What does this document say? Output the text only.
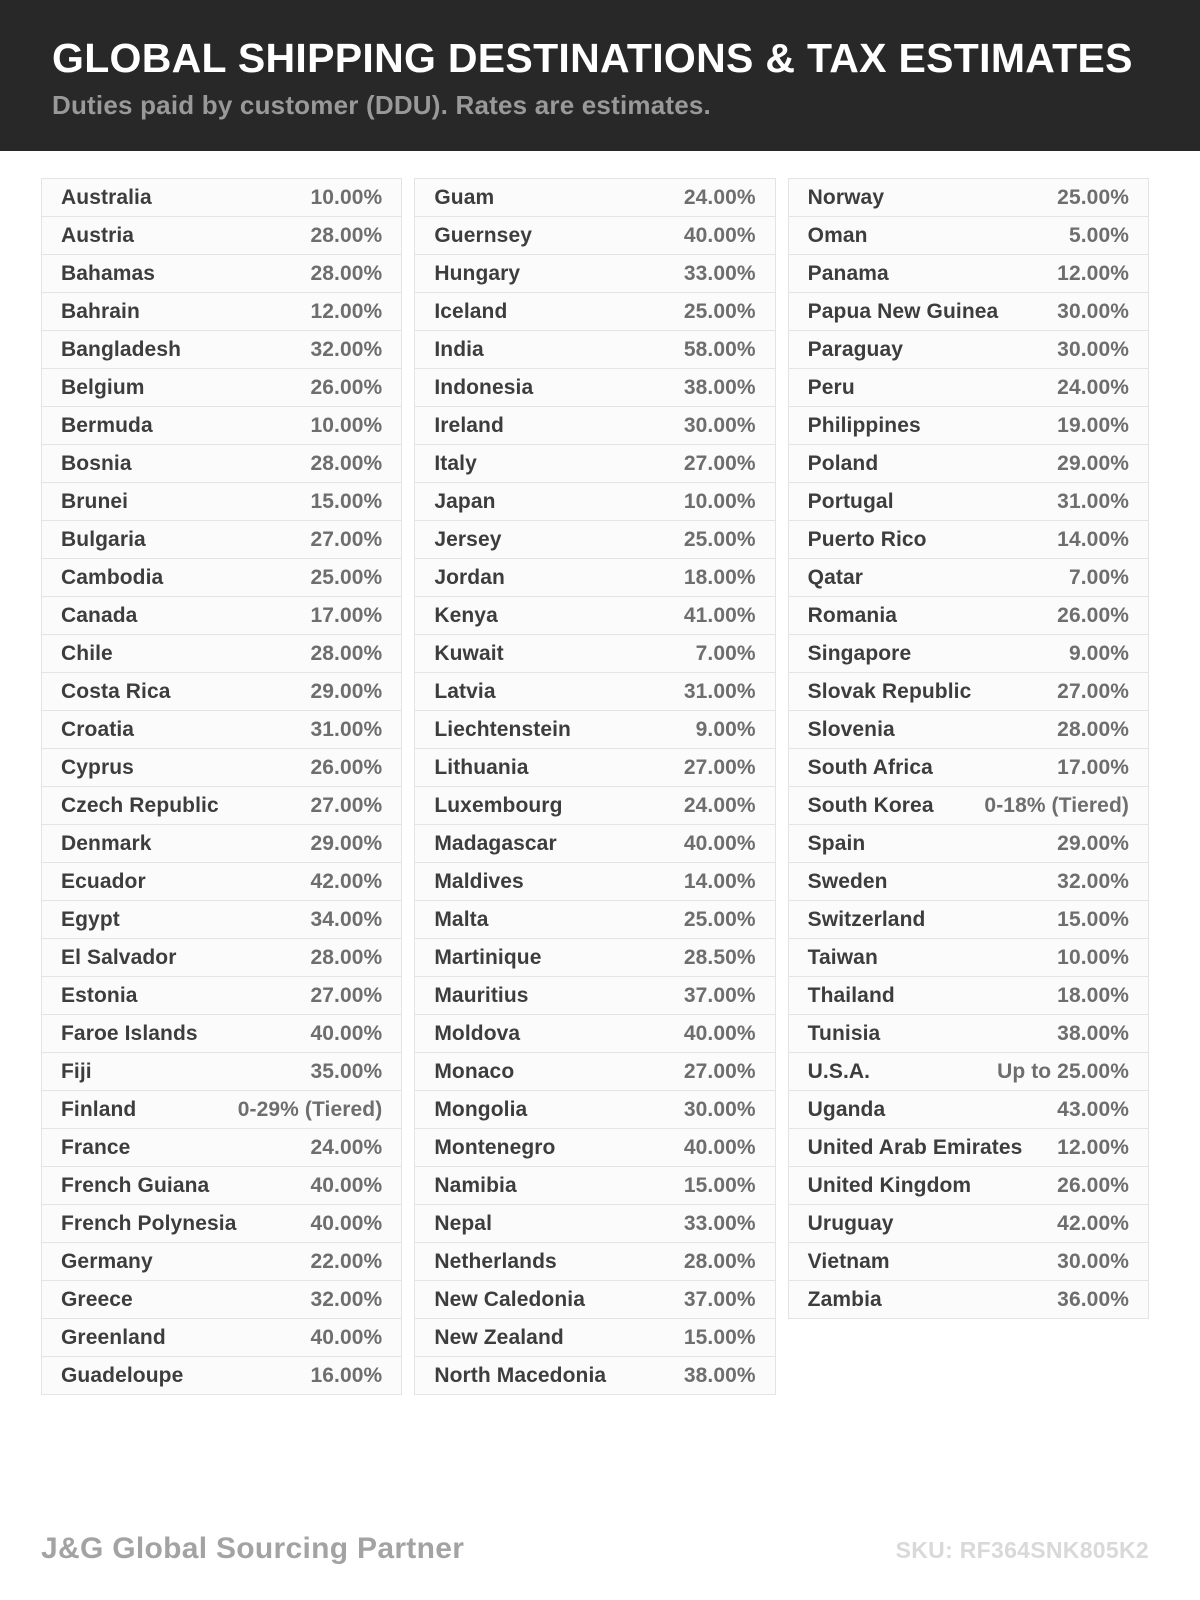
GLOBAL SHIPPING DESTINATIONS & TAX ESTIMATES
Duties paid by customer (DDU). Rates are estimates.
Australia	10.00%
Austria	28.00%
Bahamas	28.00%
Bahrain	12.00%
Bangladesh	32.00%
Belgium	26.00%
Bermuda	10.00%
Bosnia	28.00%
Brunei	15.00%
Bulgaria	27.00%
Cambodia	25.00%
Canada	17.00%
Chile	28.00%
Costa Rica	29.00%
Croatia	31.00%
Cyprus	26.00%
Czech Republic	27.00%
Denmark	29.00%
Ecuador	42.00%
Egypt	34.00%
El Salvador	28.00%
Estonia	27.00%
Faroe Islands	40.00%
Fiji	35.00%
Finland	0-29% (Tiered)
France	24.00%
French Guiana	40.00%
French Polynesia	40.00%
Germany	22.00%
Greece	32.00%
Greenland	40.00%
Guadeloupe	16.00%
Guam	24.00%
Guernsey	40.00%
Hungary	33.00%
Iceland	25.00%
India	58.00%
Indonesia	38.00%
Ireland	30.00%
Italy	27.00%
Japan	10.00%
Jersey	25.00%
Jordan	18.00%
Kenya	41.00%
Kuwait	7.00%
Latvia	31.00%
Liechtenstein	9.00%
Lithuania	27.00%
Luxembourg	24.00%
Madagascar	40.00%
Maldives	14.00%
Malta	25.00%
Martinique	28.50%
Mauritius	37.00%
Moldova	40.00%
Monaco	27.00%
Mongolia	30.00%
Montenegro	40.00%
Namibia	15.00%
Nepal	33.00%
Netherlands	28.00%
New Caledonia	37.00%
New Zealand	15.00%
North Macedonia	38.00%
Norway	25.00%
Oman	5.00%
Panama	12.00%
Papua New Guinea	30.00%
Paraguay	30.00%
Peru	24.00%
Philippines	19.00%
Poland	29.00%
Portugal	31.00%
Puerto Rico	14.00%
Qatar	7.00%
Romania	26.00%
Singapore	9.00%
Slovak Republic	27.00%
Slovenia	28.00%
South Africa	17.00%
South Korea 0-18% (Tiered)
Spain	29.00%
Sweden	32.00%
Switzerland	15.00%
Taiwan	10.00%
Thailand	18.00%
Tunisia	38.00%
U.S.A.	Up to 25.00%
Uganda	43.00%
United Arab Emirates 12.00%
United Kingdom	26.00%
Uruguay	42.00%
Vietnam	30.00%
Zambia	36.00%
J&G Global Sourcing Partner	SKU: RF364SNK805K2
